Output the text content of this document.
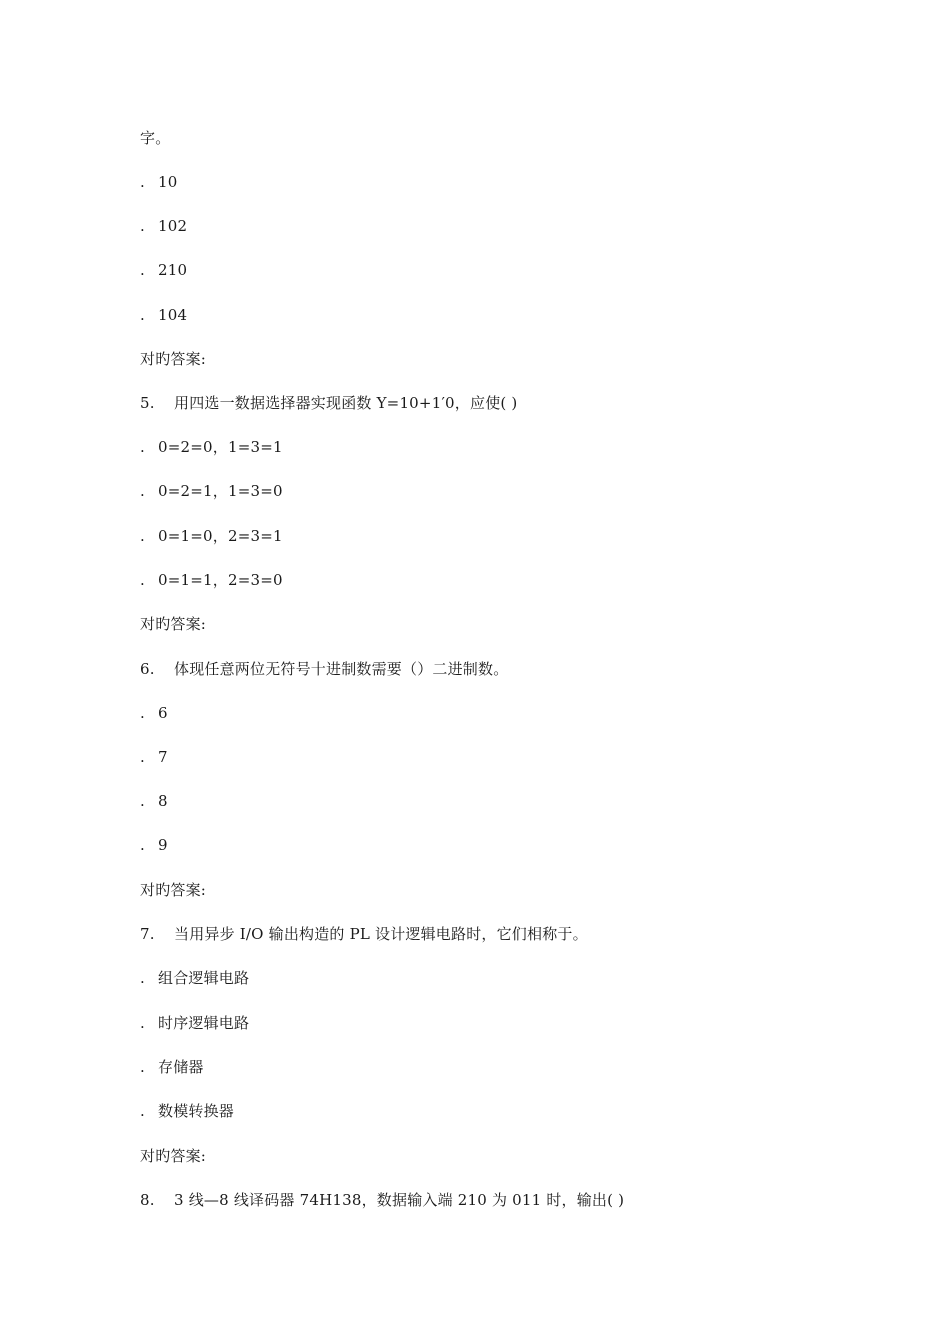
字。
. 10
. 102
. 210
. 104
对旳答案:
5. 用四选一数据选择器实现函数 Y=10+1′0，应使( )
. 0=2=0，1=3=1
. 0=2=1，1=3=0
. 0=1=0，2=3=1
. 0=1=1，2=3=0
对旳答案:
6. 体现任意两位无符号十进制数需要（）二进制数。
. 6
. 7
. 8
. 9
对旳答案:
7. 当用异步 I/O 输出构造的 PL 设计逻辑电路时，它们相称于。
. 组合逻辑电路
. 时序逻辑电路
. 存储器
. 数模转换器
对旳答案:
8. 3 线—8 线译码器 74H138，数据输入端 210 为 011 时，输出( )
